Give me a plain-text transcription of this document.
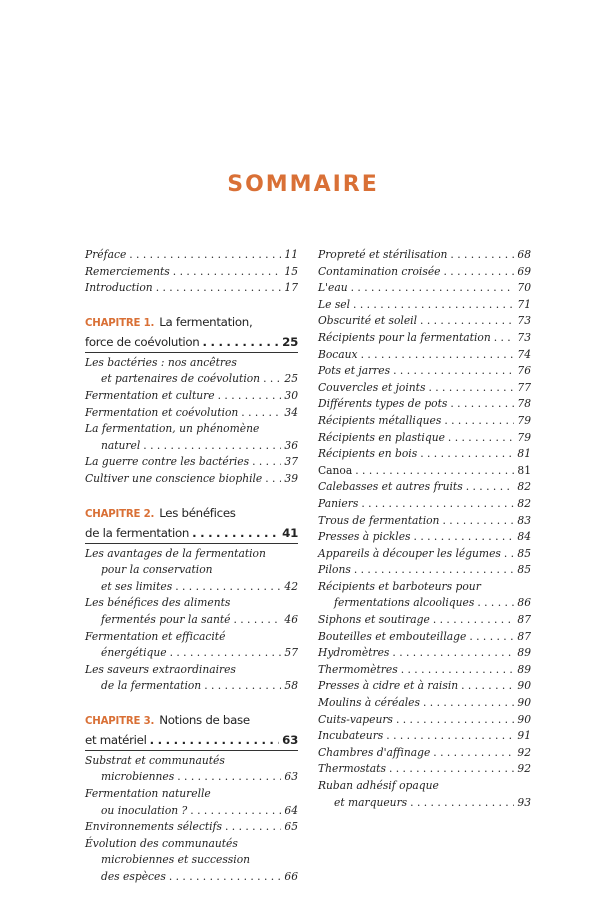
SOMMAIRE
Préface . . .	11
Remerciements . . .	15
Introduction . . .	17
CHAPITRE 1. La fermentation,
force de coévolution . . .	25
Les bactéries : nos ancêtres
et partenaires de coévolution . . . 25
Fermentation et culture . . .	30
Fermentation et coévolution . . .	34
La fermentation, un phénomène
naturel . . .	36
La guerre contre les bactéries . . .	37
Cultiver une conscience biophile . . . 39
CHAPITRE 2. Les bénéfices
de la fermentation . . .	41
Les avantages de la fermentation
pour la conservation
et ses limites . . .	42
Les bénéfices des aliments
fermentés pour la santé . . .	46
Fermentation et efficacité
énergétique . . .	57
Les saveurs extraordinaires
de la fermentation . . .	58
CHAPITRE 3. Notions de base
et matériel . . .	63
Substrat et communautés
microbiennes . . .	63
Fermentation naturelle
ou inoculation ? . . .	64
Environnements sélectifs . . .	65
Évolution des communautés
microbiennes et succession
des espèces . . .	66
Propreté et stérilisation . . .	68
Contamination croisée . . .	69
L'eau . . .	70
Le sel . . .	71
Obscurité et soleil . . .	73
Récipients pour la fermentation . . . 73
Bocaux . . .	74
Pots et jarres . . .	76
Couvercles et joints . . .	77
Différents types de pots . . .	78
Récipients métalliques . . .	79
Récipients en plastique . . .	79
Récipients en bois . . .	81
Canoa . . .	81
Calebasses et autres fruits . . .	82
Paniers . . .	82
Trous de fermentation . . .	83
Presses à pickles . . .	84
Appareils à découper les légumes . . . 85
Pilons . . .	85
Récipients et barboteurs pour
fermentations alcooliques . . .	86
Siphons et soutirage . . .	87
Bouteilles et embouteillage . . .	87
Hydromètres . . .	89
Thermomètres . . .	89
Presses à cidre et à raisin . . .	90
Moulins à céréales . . .	90
Cuits-vapeurs . . .	90
Incubateurs . . .	91
Chambres d'affinage . . .	92
Thermostats . . .	92
Ruban adhésif opaque
et marqueurs . . .	93
